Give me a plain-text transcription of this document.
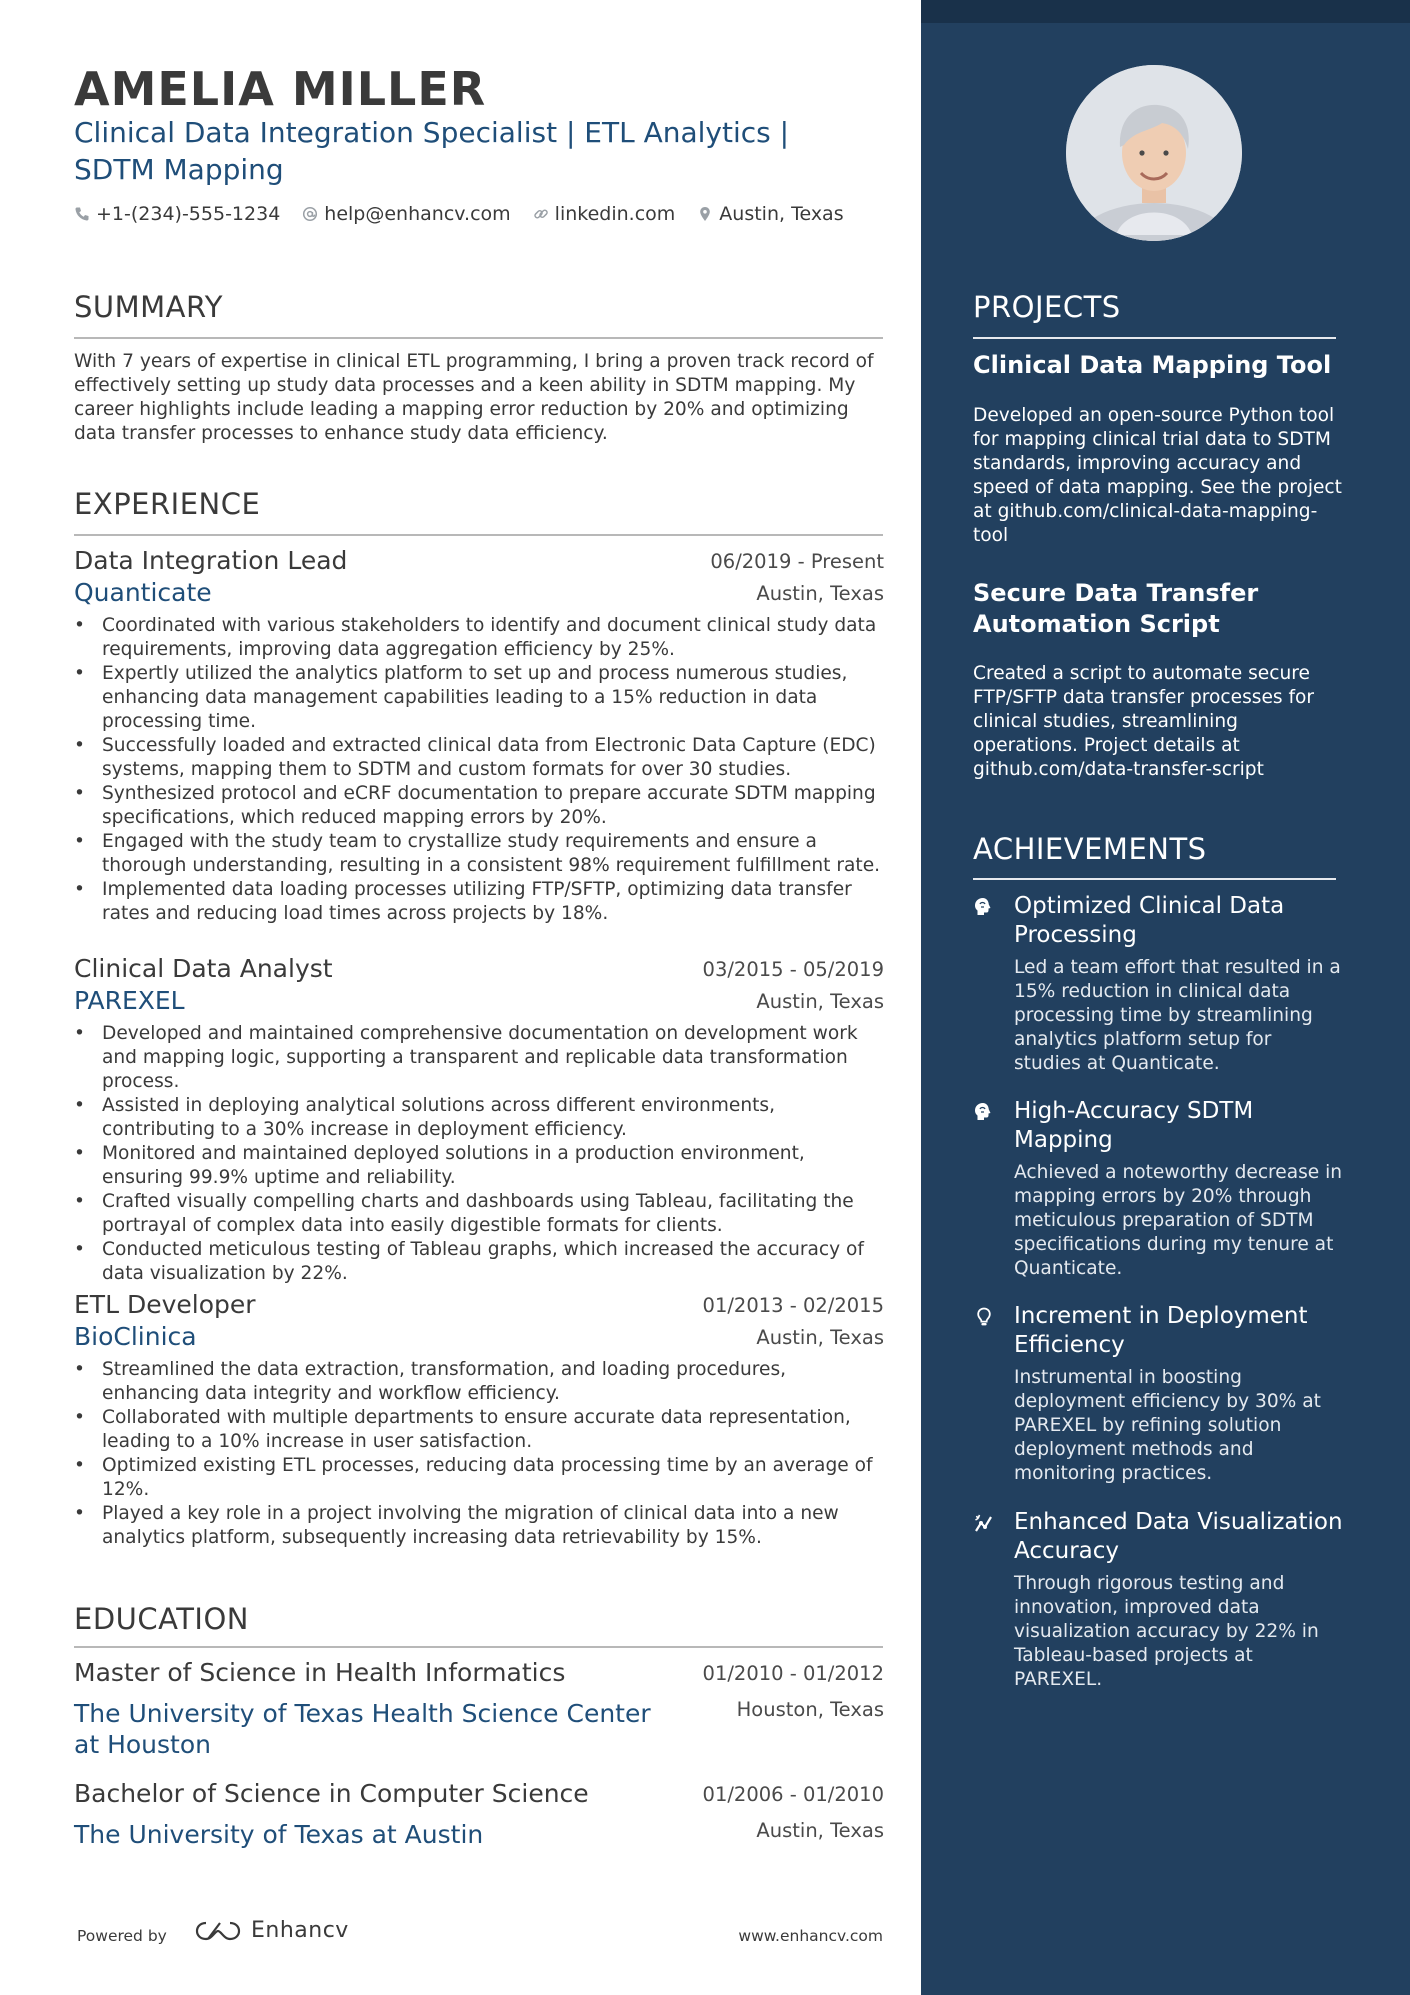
AMELIA MILLER
Clinical Data Integration Specialist | ETL Analytics | SDTM Mapping
+1-(234)-555-1234 help@enhancv.com linkedin.com Austin, Texas
SUMMARY
With 7 years of expertise in clinical ETL programming, I bring a proven track record of effectively setting up study data processes and a keen ability in SDTM mapping. My career highlights include leading a mapping error reduction by 20% and optimizing data transfer processes to enhance study data efficiency.
EXPERIENCE
Data Integration Lead	06/2019 - Present
Quanticate	Austin, Texas
• Coordinated with various stakeholders to identify and document clinical study data requirements, improving data aggregation efficiency by 25%.
• Expertly utilized the analytics platform to set up and process numerous studies, enhancing data management capabilities leading to a 15% reduction in data processing time.
• Successfully loaded and extracted clinical data from Electronic Data Capture (EDC) systems, mapping them to SDTM and custom formats for over 30 studies.
• Synthesized protocol and eCRF documentation to prepare accurate SDTM mapping specifications, which reduced mapping errors by 20%.
• Engaged with the study team to crystallize study requirements and ensure a thorough understanding, resulting in a consistent 98% requirement fulfillment rate.
• Implemented data loading processes utilizing FTP/SFTP, optimizing data transfer rates and reducing load times across projects by 18%.
Clinical Data Analyst	03/2015 - 05/2019
PAREXEL	Austin, Texas
• Developed and maintained comprehensive documentation on development work and mapping logic, supporting a transparent and replicable data transformation process.
• Assisted in deploying analytical solutions across different environments, contributing to a 30% increase in deployment efficiency.
• Monitored and maintained deployed solutions in a production environment, ensuring 99.9% uptime and reliability.
• Crafted visually compelling charts and dashboards using Tableau, facilitating the portrayal of complex data into easily digestible formats for clients.
• Conducted meticulous testing of Tableau graphs, which increased the accuracy of data visualization by 22%.
ETL Developer	01/2013 - 02/2015
BioClinica	Austin, Texas
• Streamlined the data extraction, transformation, and loading procedures, enhancing data integrity and workflow efficiency.
• Collaborated with multiple departments to ensure accurate data representation, leading to a 10% increase in user satisfaction.
• Optimized existing ETL processes, reducing data processing time by an average of 12%.
• Played a key role in a project involving the migration of clinical data into a new analytics platform, subsequently increasing data retrievability by 15%.
EDUCATION
Master of Science in Health Informatics	01/2010 - 01/2012
The University of Texas Health Science Center at Houston
Houston, Texas
Bachelor of Science in Computer Science	01/2006 - 01/2010
The University of Texas at Austin	Austin, Texas
Powered by	Enhancv	www.enhancv.com
PROJECTS
Clinical Data Mapping Tool
Developed an open-source Python tool for mapping clinical trial data to SDTM standards, improving accuracy and speed of data mapping. See the project at github.com/clinical-data-mapping-tool
Secure Data Transfer Automation Script
Created a script to automate secure FTP/SFTP data transfer processes for clinical studies, streamlining operations. Project details at github.com/data-transfer-script
ACHIEVEMENTS
Optimized Clinical Data Processing
Led a team effort that resulted in a 15% reduction in clinical data processing time by streamlining analytics platform setup for studies at Quanticate.
High-Accuracy SDTM Mapping
Achieved a noteworthy decrease in mapping errors by 20% through meticulous preparation of SDTM specifications during my tenure at Quanticate.
Increment in Deployment Efficiency
Instrumental in boosting deployment efficiency by 30% at PAREXEL by refining solution deployment methods and monitoring practices.
Enhanced Data Visualization Accuracy
Through rigorous testing and innovation, improved data visualization accuracy by 22% in Tableau-based projects at PAREXEL.
